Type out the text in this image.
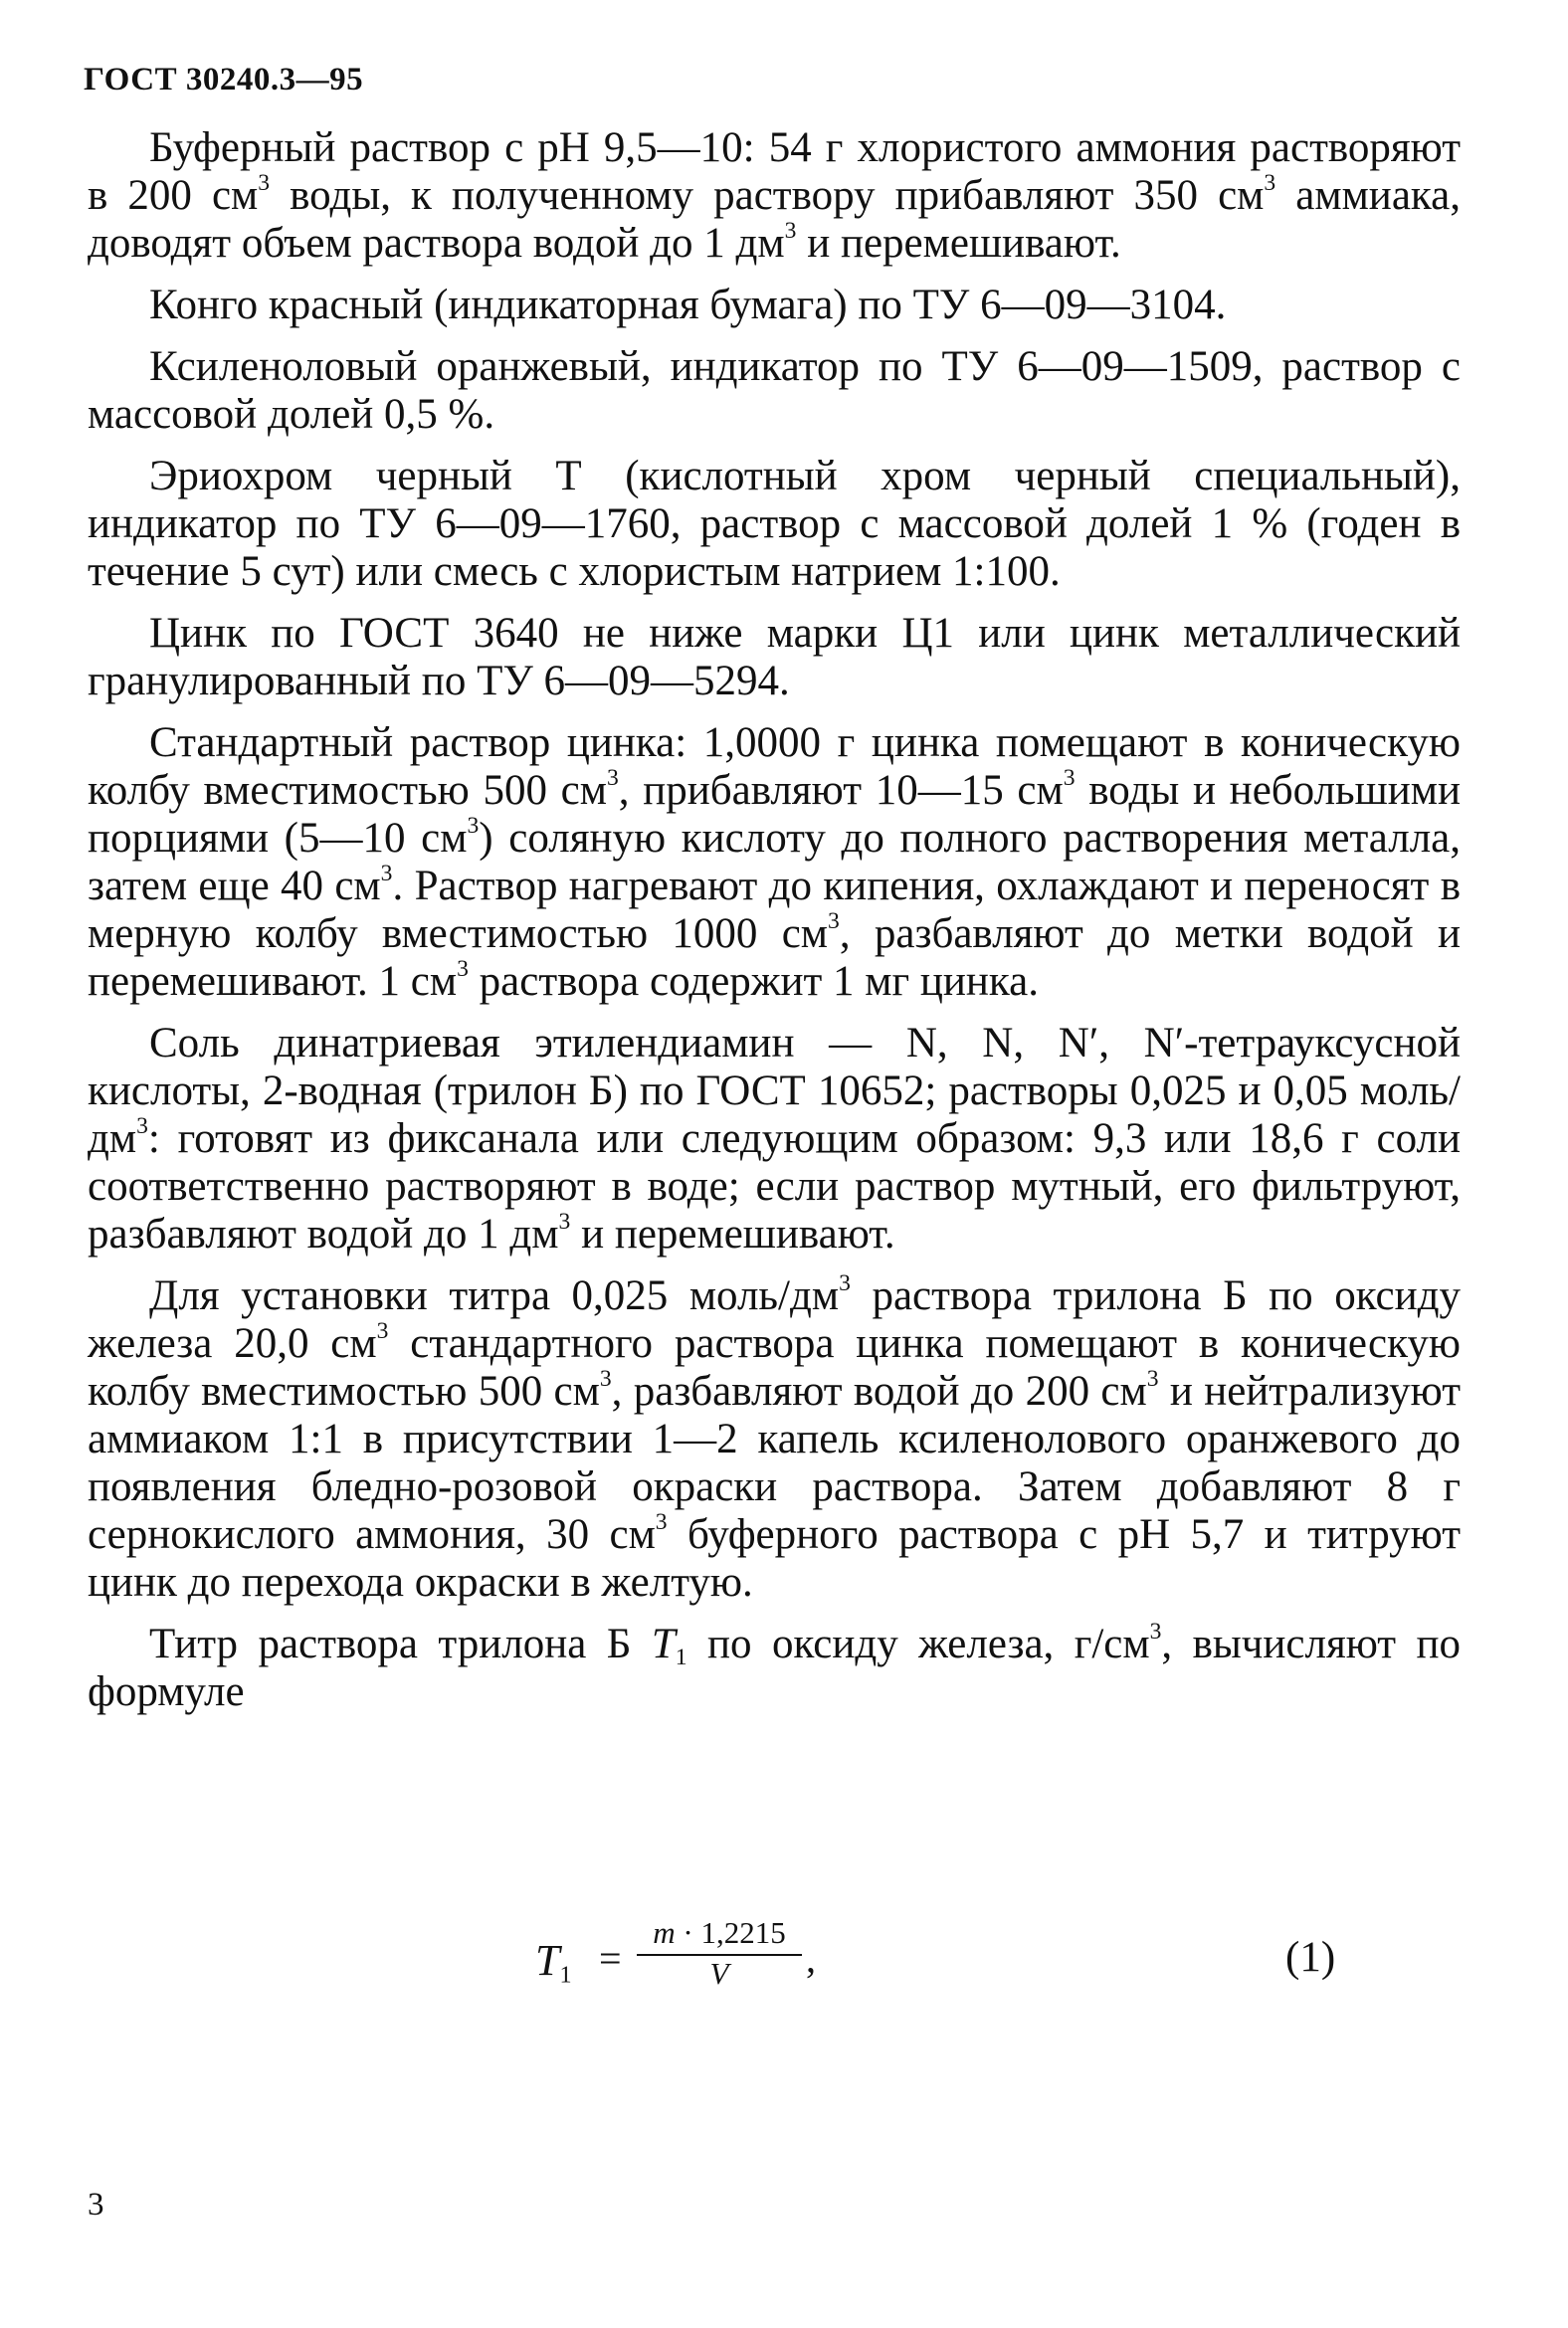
ГОСТ 30240.3—95

Буферный раствор с рН 9,5—10: 54 г хлористого аммония растворяют в 200 $см^3$ воды, к полученному раствору прибавляют 350 $см^3$ аммиака, доводят объем раствора водой до 1 $дм^3$ и перемешивают.

Конго красный (индикаторная бумага) по ТУ 6—09—3104.

Ксиленоловый оранжевый, индикатор по ТУ 6—09—1509, раствор с массовой долей 0,5 %.

Эриохром черный Т (кислотный хром черный специальный), индикатор по ТУ 6—09—1760, раствор с массовой долей 1 % (годен в течение 5 сут) или смесь с хлористым натрием 1:100.

Цинк по ГОСТ 3640 не ниже марки Ц1 или цинк металлический гранулированный по ТУ 6—09—5294.

Стандартный раствор цинка: 1,0000 г цинка помещают в коническую колбу вместимостью 500 $см^3$, прибавляют 10—15 $см^3$ воды и небольшими порциями (5—10 $см^3$) соляную кислоту до полного растворения металла, затем еще 40 $см^3$. Раствор нагревают до кипения, охлаждают и переносят в мерную колбу вместимостью 1000 $см^3$, разбавляют до метки водой и перемешивают. 1 $см^3$ раствора содержит 1 мг цинка.

Соль динатриевая этилендиамин — N, N, N′, N′-тетрауксусной кислоты, 2-водная (трилон Б) по ГОСТ 10652; растворы 0,025 и 0,05 моль/$дм^3$: готовят из фиксанала или следующим образом: 9,3 или 18,6 г соли соответственно растворяют в воде; если раствор мутный, его фильтруют, разбавляют водой до 1 $дм^3$ и перемешивают.

Для установки титра 0,025 моль/$дм^3$ раствора трилона Б по оксиду железа 20,0 $см^3$ стандартного раствора цинка помещают в коническую колбу вместимостью 500 $см^3$, разбавляют водой до 200 $см^3$ и нейтрализуют аммиаком 1:1 в присутствии 1—2 капель ксиленолового оранжевого до появления бледно-розовой окраски раствора. Затем добавляют 8 г сернокислого аммония, 30 $см^3$ буферного раствора с рН 5,7 и титруют цинк до перехода окраски в желтую.

Титр раствора трилона Б $T_1$ по оксиду железа, $г/см^3$, вычисляют по формуле

$T_1 = \frac{m \cdot 1,2215}{V}$ ,	(1)
3
